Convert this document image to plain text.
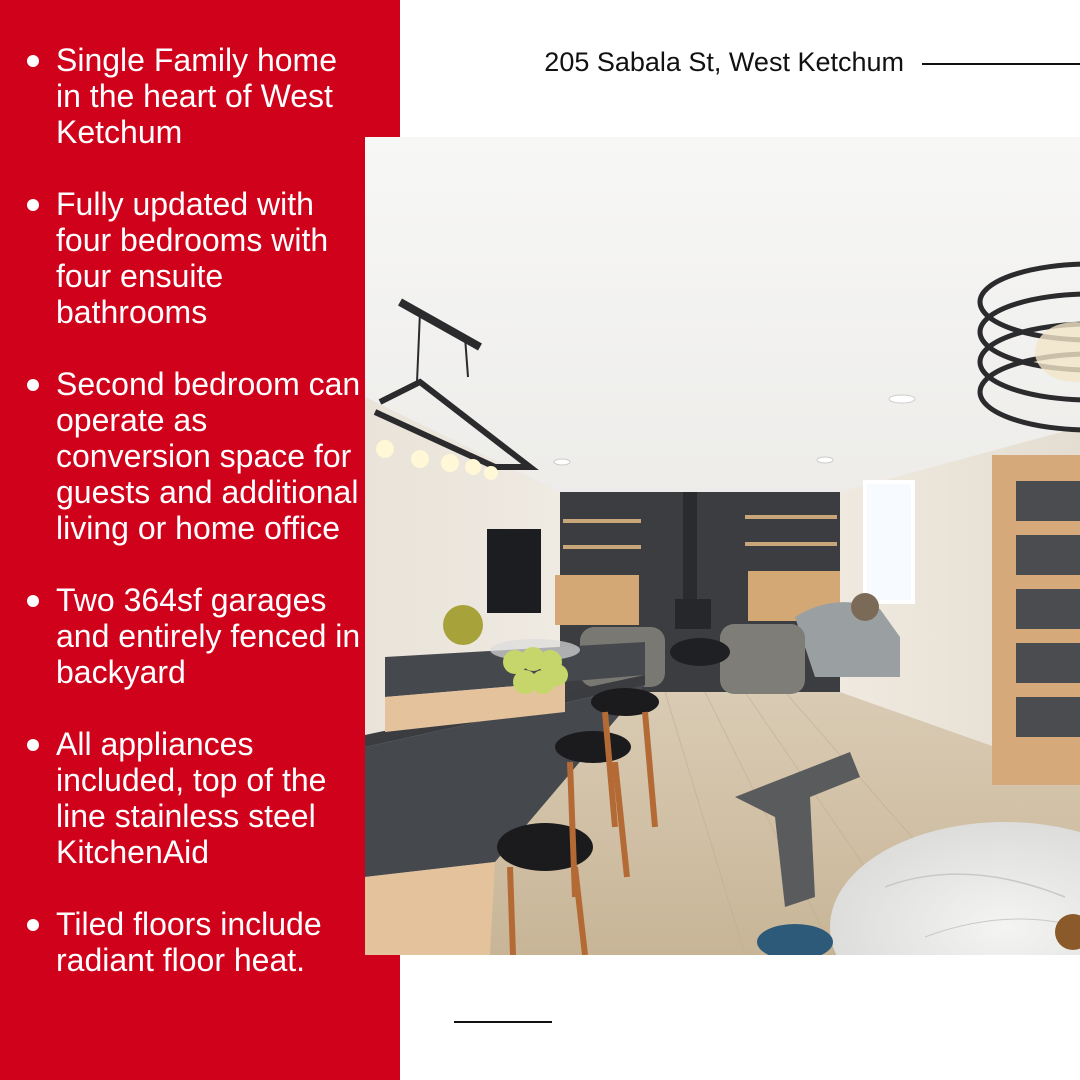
Single Family home in the heart of West Ketchum
Fully updated with four bedrooms with four ensuite bathrooms
Second bedroom can operate as conversion space for guests and additional living or home office
Two 364sf garages and entirely fenced in backyard
All appliances included, top of the line stainless steel KitchenAid
Tiled floors include radiant floor heat.
205 Sabala St, West Ketchum
